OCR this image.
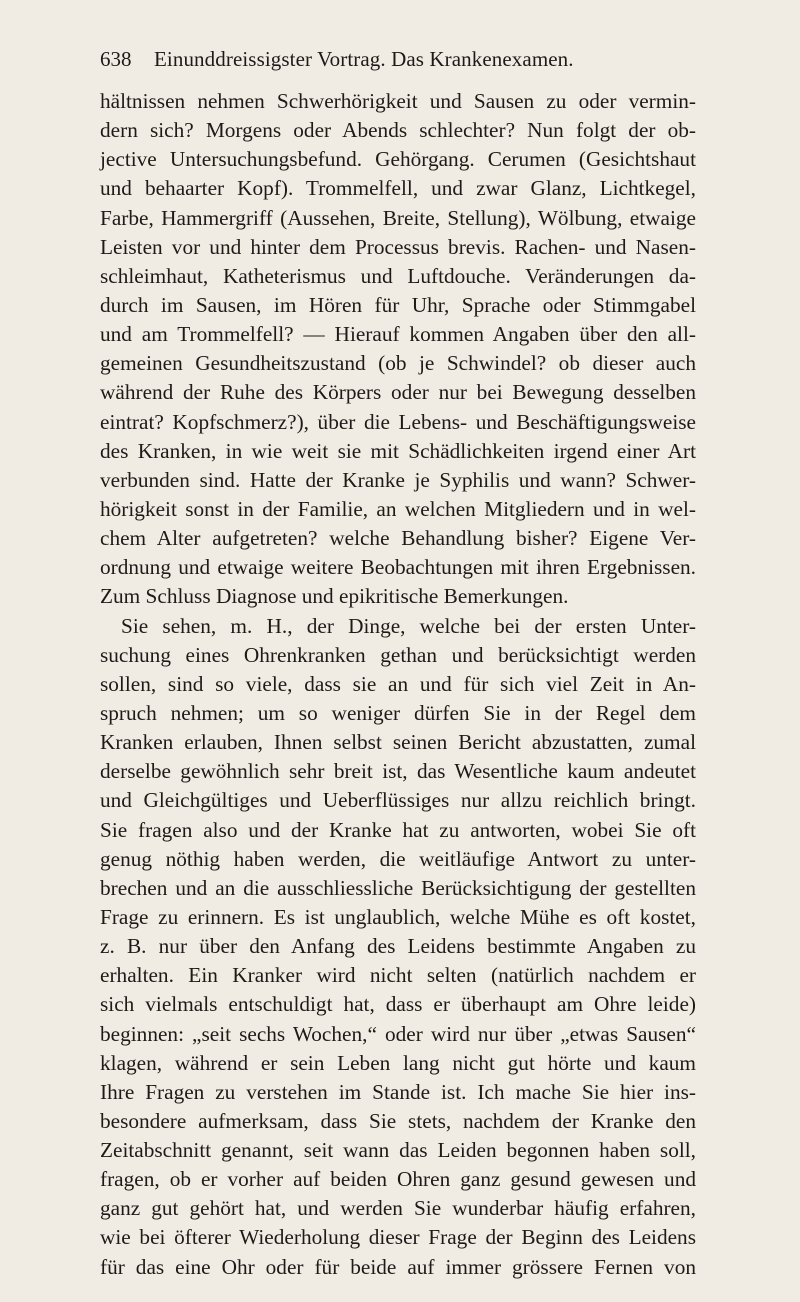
638 Einunddreissigster Vortrag. Das Krankenexamen.
hältnissen nehmen Schwerhörigkeit und Sausen zu oder vermin-
dern sich? Morgens oder Abends schlechter? Nun folgt der ob-
jective Untersuchungsbefund. Gehörgang. Cerumen (Gesichtshaut
und behaarter Kopf). Trommelfell, und zwar Glanz, Lichtkegel,
Farbe, Hammergriff (Aussehen, Breite, Stellung), Wölbung, etwaige
Leisten vor und hinter dem Processus brevis. Rachen- und Nasen-
schleimhaut, Katheterismus und Luftdouche. Veränderungen da-
durch im Sausen, im Hören für Uhr, Sprache oder Stimmgabel
und am Trommelfell? — Hierauf kommen Angaben über den all-
gemeinen Gesundheitszustand (ob je Schwindel? ob dieser auch
während der Ruhe des Körpers oder nur bei Bewegung desselben
eintrat? Kopfschmerz?), über die Lebens- und Beschäftigungsweise
des Kranken, in wie weit sie mit Schädlichkeiten irgend einer Art
verbunden sind. Hatte der Kranke je Syphilis und wann? Schwer-
hörigkeit sonst in der Familie, an welchen Mitgliedern und in wel-
chem Alter aufgetreten? welche Behandlung bisher? Eigene Ver-
ordnung und etwaige weitere Beobachtungen mit ihren Ergebnissen.
Zum Schluss Diagnose und epikritische Bemerkungen.
Sie sehen, m. H., der Dinge, welche bei der ersten Unter-
suchung eines Ohrenkranken gethan und berücksichtigt werden
sollen, sind so viele, dass sie an und für sich viel Zeit in An-
spruch nehmen; um so weniger dürfen Sie in der Regel dem
Kranken erlauben, Ihnen selbst seinen Bericht abzustatten, zumal
derselbe gewöhnlich sehr breit ist, das Wesentliche kaum andeutet
und Gleichgültiges und Ueberflüssiges nur allzu reichlich bringt.
Sie fragen also und der Kranke hat zu antworten, wobei Sie oft
genug nöthig haben werden, die weitläufige Antwort zu unter-
brechen und an die ausschliessliche Berücksichtigung der gestellten
Frage zu erinnern. Es ist unglaublich, welche Mühe es oft kostet,
z. B. nur über den Anfang des Leidens bestimmte Angaben zu
erhalten. Ein Kranker wird nicht selten (natürlich nachdem er
sich vielmals entschuldigt hat, dass er überhaupt am Ohre leide)
beginnen: „seit sechs Wochen,“ oder wird nur über „etwas Sausen“
klagen, während er sein Leben lang nicht gut hörte und kaum
Ihre Fragen zu verstehen im Stande ist. Ich mache Sie hier ins-
besondere aufmerksam, dass Sie stets, nachdem der Kranke den
Zeitabschnitt genannt, seit wann das Leiden begonnen haben soll,
fragen, ob er vorher auf beiden Ohren ganz gesund gewesen und
ganz gut gehört hat, und werden Sie wunderbar häufig erfahren,
wie bei öfterer Wiederholung dieser Frage der Beginn des Leidens
für das eine Ohr oder für beide auf immer grössere Fernen von
